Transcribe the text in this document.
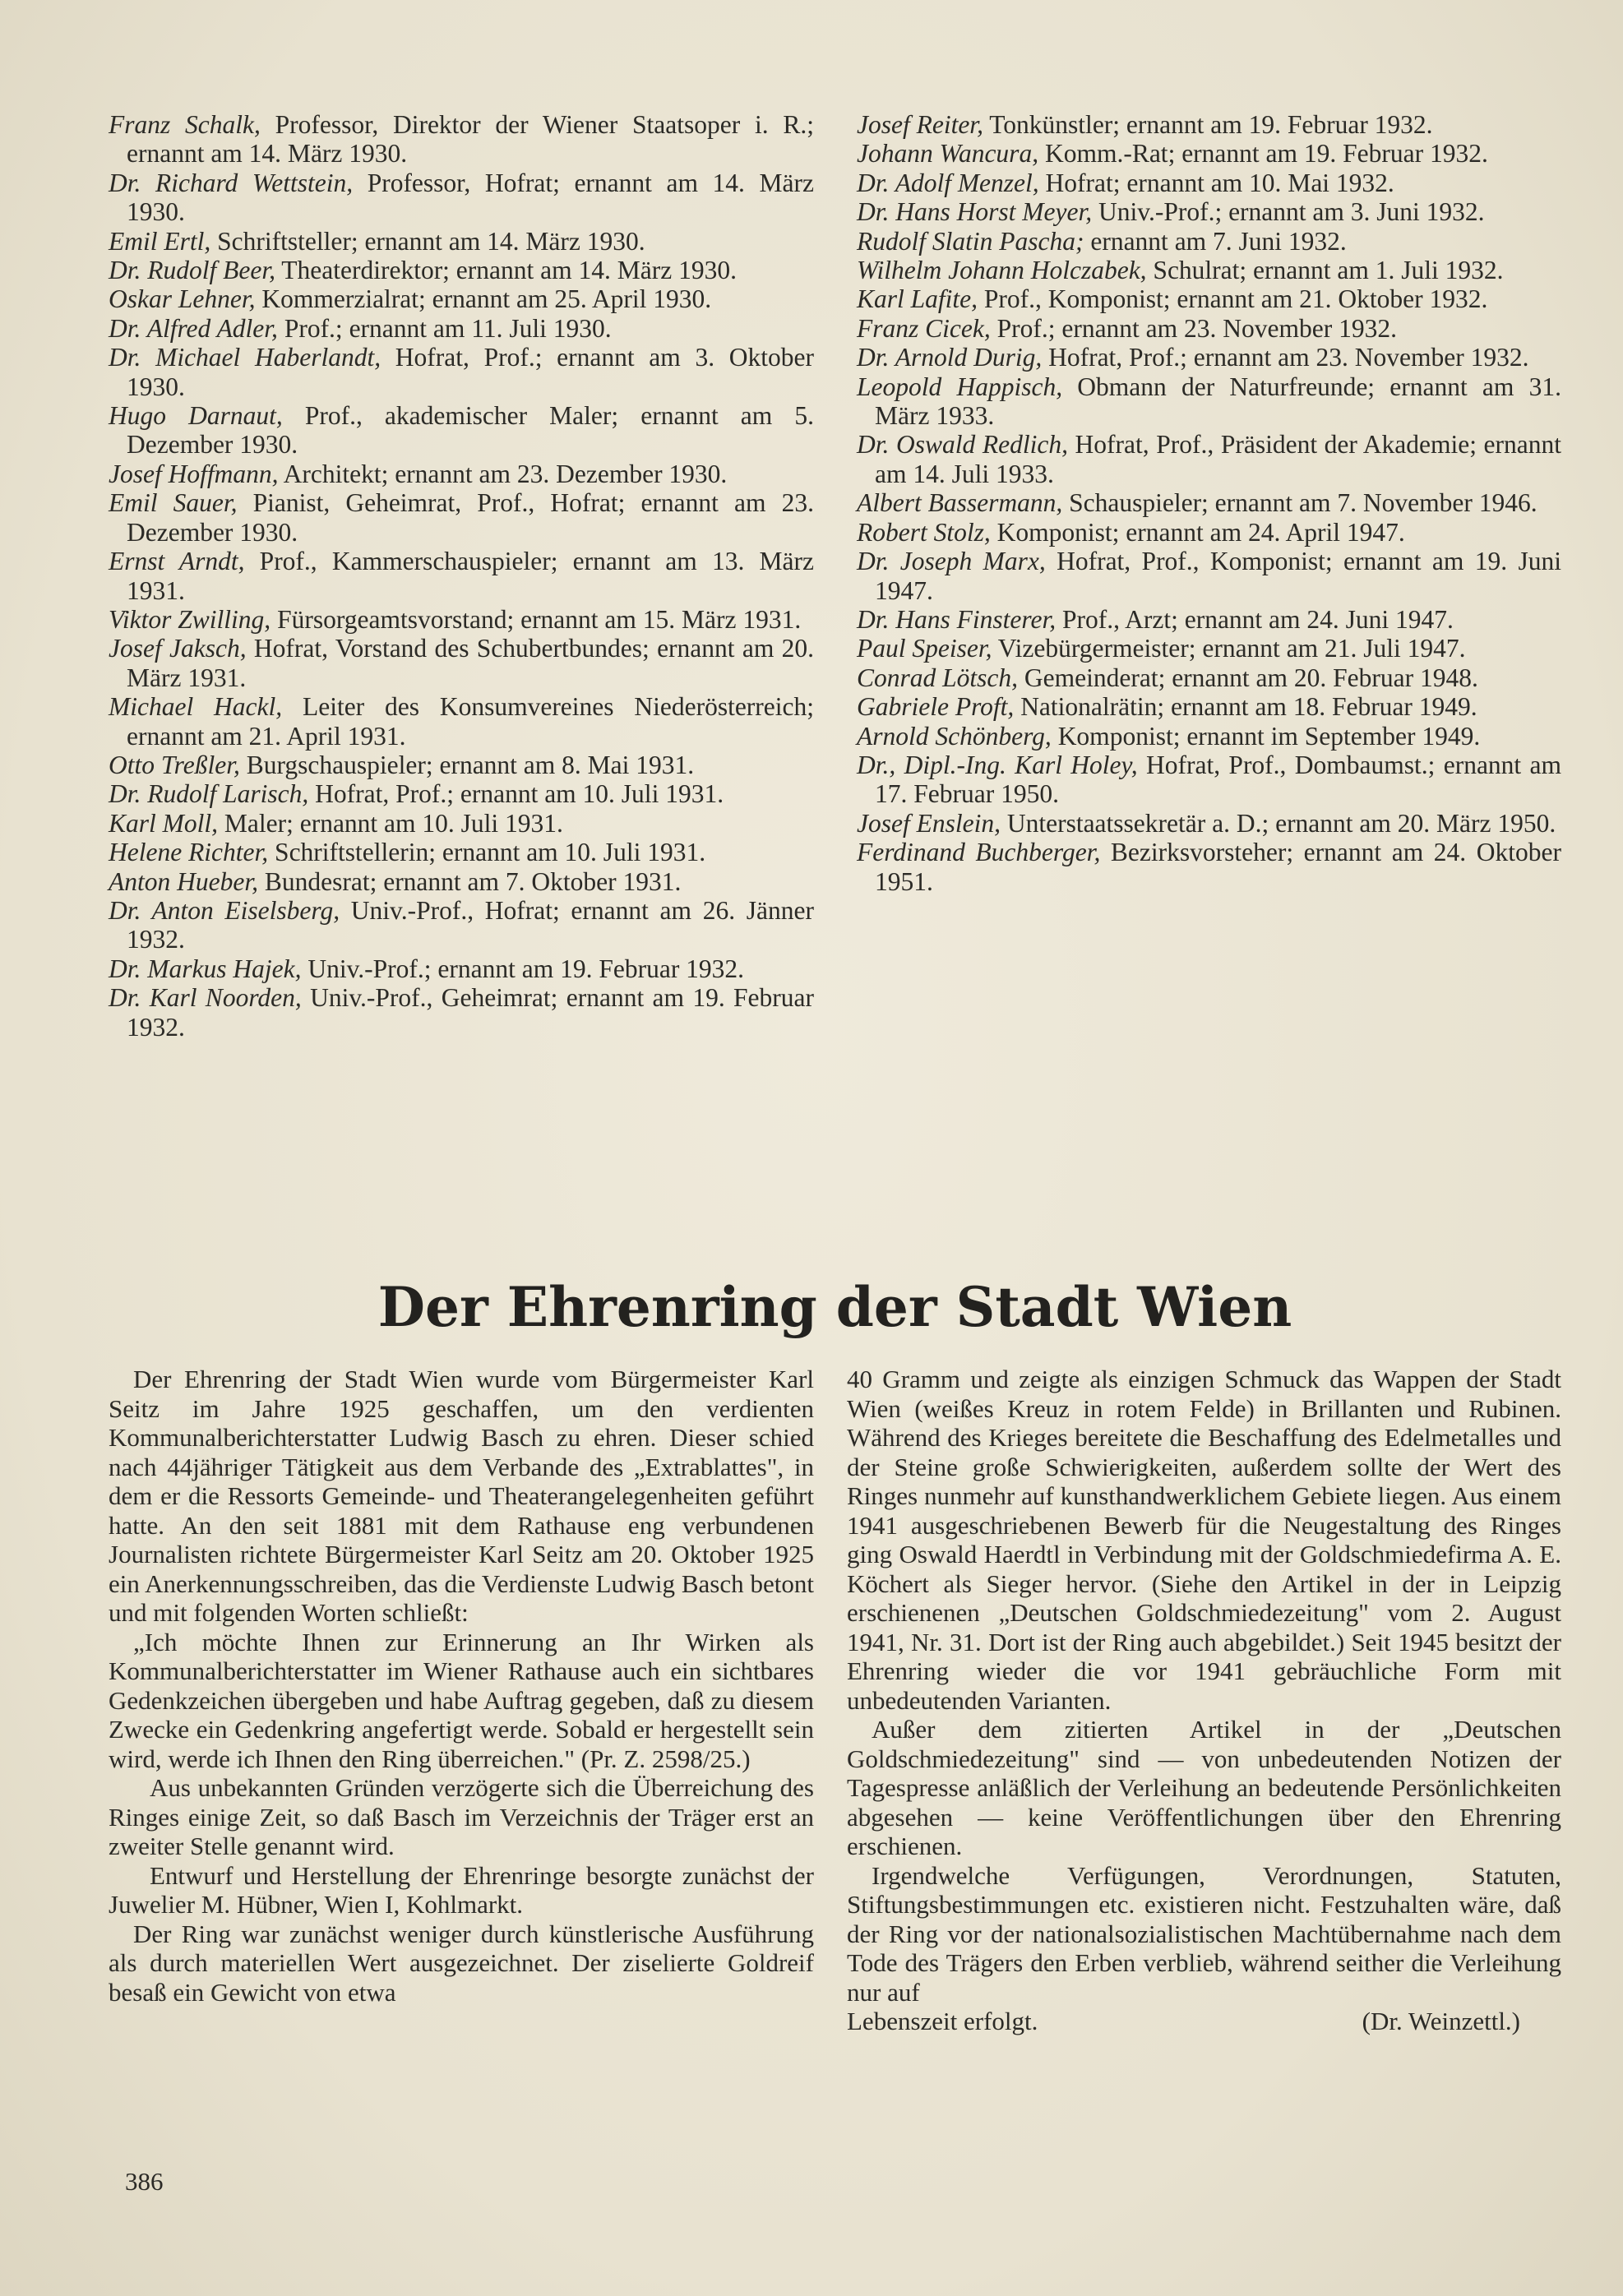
Franz Schalk, Professor, Direktor der Wiener Staatsoper i. R.; ernannt am 14. März 1930.

Dr. Richard Wettstein, Professor, Hofrat; ernannt am 14. März 1930.

Emil Ertl, Schriftsteller; ernannt am 14. März 1930.

Dr. Rudolf Beer, Theaterdirektor; ernannt am 14. März 1930.

Oskar Lehner, Kommerzialrat; ernannt am 25. April 1930.

Dr. Alfred Adler, Prof.; ernannt am 11. Juli 1930.

Dr. Michael Haberlandt, Hofrat, Prof.; ernannt am 3. Oktober 1930.

Hugo Darnaut, Prof., akademischer Maler; ernannt am 5. Dezember 1930.

Josef Hoffmann, Architekt; ernannt am 23. Dezember 1930.

Emil Sauer, Pianist, Geheimrat, Prof., Hofrat; ernannt am 23. Dezember 1930.

Ernst Arndt, Prof., Kammerschauspieler; ernannt am 13. März 1931.

Viktor Zwilling, Fürsorgeamtsvorstand; ernannt am 15. März 1931.

Josef Jaksch, Hofrat, Vorstand des Schubertbundes; ernannt am 20. März 1931.

Michael Hackl, Leiter des Konsumvereines Niederösterreich; ernannt am 21. April 1931.

Otto Treßler, Burgschauspieler; ernannt am 8. Mai 1931.

Dr. Rudolf Larisch, Hofrat, Prof.; ernannt am 10. Juli 1931.

Karl Moll, Maler; ernannt am 10. Juli 1931.

Helene Richter, Schriftstellerin; ernannt am 10. Juli 1931.

Anton Hueber, Bundesrat; ernannt am 7. Oktober 1931.

Dr. Anton Eiselsberg, Univ.-Prof., Hofrat; ernannt am 26. Jänner 1932.

Dr. Markus Hajek, Univ.-Prof.; ernannt am 19. Februar 1932.

Dr. Karl Noorden, Univ.-Prof., Geheimrat; ernannt am 19. Februar 1932.

Josef Reiter, Tonkünstler; ernannt am 19. Februar 1932.

Johann Wancura, Komm.-Rat; ernannt am 19. Februar 1932.

Dr. Adolf Menzel, Hofrat; ernannt am 10. Mai 1932.

Dr. Hans Horst Meyer, Univ.-Prof.; ernannt am 3. Juni 1932.

Rudolf Slatin Pascha; ernannt am 7. Juni 1932.

Wilhelm Johann Holczabek, Schulrat; ernannt am 1. Juli 1932.

Karl Lafite, Prof., Komponist; ernannt am 21. Oktober 1932.

Franz Cicek, Prof.; ernannt am 23. November 1932.

Dr. Arnold Durig, Hofrat, Prof.; ernannt am 23. November 1932.

Leopold Happisch, Obmann der Naturfreunde; ernannt am 31. März 1933.

Dr. Oswald Redlich, Hofrat, Prof., Präsident der Akademie; ernannt am 14. Juli 1933.

Albert Bassermann, Schauspieler; ernannt am 7. November 1946.

Robert Stolz, Komponist; ernannt am 24. April 1947.

Dr. Joseph Marx, Hofrat, Prof., Komponist; ernannt am 19. Juni 1947.

Dr. Hans Finsterer, Prof., Arzt; ernannt am 24. Juni 1947.

Paul Speiser, Vizebürgermeister; ernannt am 21. Juli 1947.

Conrad Lötsch, Gemeinderat; ernannt am 20. Februar 1948.

Gabriele Proft, Nationalrätin; ernannt am 18. Februar 1949.

Arnold Schönberg, Komponist; ernannt im September 1949.

Dr., Dipl.-Ing. Karl Holey, Hofrat, Prof., Dombaumst.; ernannt am 17. Februar 1950.

Josef Enslein, Unterstaatssekretär a. D.; ernannt am 20. März 1950.

Ferdinand Buchberger, Bezirksvorsteher; ernannt am 24. Oktober 1951.

Der Ehrenring der Stadt Wien

Der Ehrenring der Stadt Wien wurde vom Bürgermeister Karl Seitz im Jahre 1925 geschaffen, um den verdienten Kommunalberichterstatter Ludwig Basch zu ehren. Dieser schied nach 44jähriger Tätigkeit aus dem Verbande des „Extrablattes", in dem er die Ressorts Gemeinde- und Theaterangelegenheiten geführt hatte. An den seit 1881 mit dem Rathause eng verbundenen Journalisten richtete Bürgermeister Karl Seitz am 20. Oktober 1925 ein Anerkennungsschreiben, das die Verdienste Ludwig Basch betont und mit folgenden Worten schließt:

„Ich möchte Ihnen zur Erinnerung an Ihr Wirken als Kommunalberichterstatter im Wiener Rathause auch ein sichtbares Gedenkzeichen übergeben und habe Auftrag gegeben, daß zu diesem Zwecke ein Gedenkring angefertigt werde. Sobald er hergestellt sein wird, werde ich Ihnen den Ring überreichen." (Pr. Z. 2598/25.)

Aus unbekannten Gründen verzögerte sich die Überreichung des Ringes einige Zeit, so daß Basch im Verzeichnis der Träger erst an zweiter Stelle genannt wird.

Entwurf und Herstellung der Ehrenringe besorgte zunächst der Juwelier M. Hübner, Wien I, Kohlmarkt.

Der Ring war zunächst weniger durch künstlerische Ausführung als durch materiellen Wert ausgezeichnet. Der ziselierte Goldreif besaß ein Gewicht von etwa

40 Gramm und zeigte als einzigen Schmuck das Wappen der Stadt Wien (weißes Kreuz in rotem Felde) in Brillanten und Rubinen. Während des Krieges bereitete die Beschaffung des Edelmetalles und der Steine große Schwierigkeiten, außerdem sollte der Wert des Ringes nunmehr auf kunsthandwerklichem Gebiete liegen. Aus einem 1941 ausgeschriebenen Bewerb für die Neugestaltung des Ringes ging Oswald Haerdtl in Verbindung mit der Goldschmiedefirma A. E. Köchert als Sieger hervor. (Siehe den Artikel in der in Leipzig erschienenen „Deutschen Goldschmiedezeitung" vom 2. August 1941, Nr. 31. Dort ist der Ring auch abgebildet.) Seit 1945 besitzt der Ehrenring wieder die vor 1941 gebräuchliche Form mit unbedeutenden Varianten.

Außer dem zitierten Artikel in der „Deutschen Goldschmiedezeitung" sind — von unbedeutenden Notizen der Tagespresse anläßlich der Verleihung an bedeutende Persönlichkeiten abgesehen — keine Veröffentlichungen über den Ehrenring erschienen.

Irgendwelche Verfügungen, Verordnungen, Statuten, Stiftungsbestimmungen etc. existieren nicht. Festzuhalten wäre, daß der Ring vor der nationalsozialistischen Machtübernahme nach dem Tode des Trägers den Erben verblieb, während seither die Verleihung nur auf

Lebenszeit erfolgt.	(Dr. Weinzettl.)

386
